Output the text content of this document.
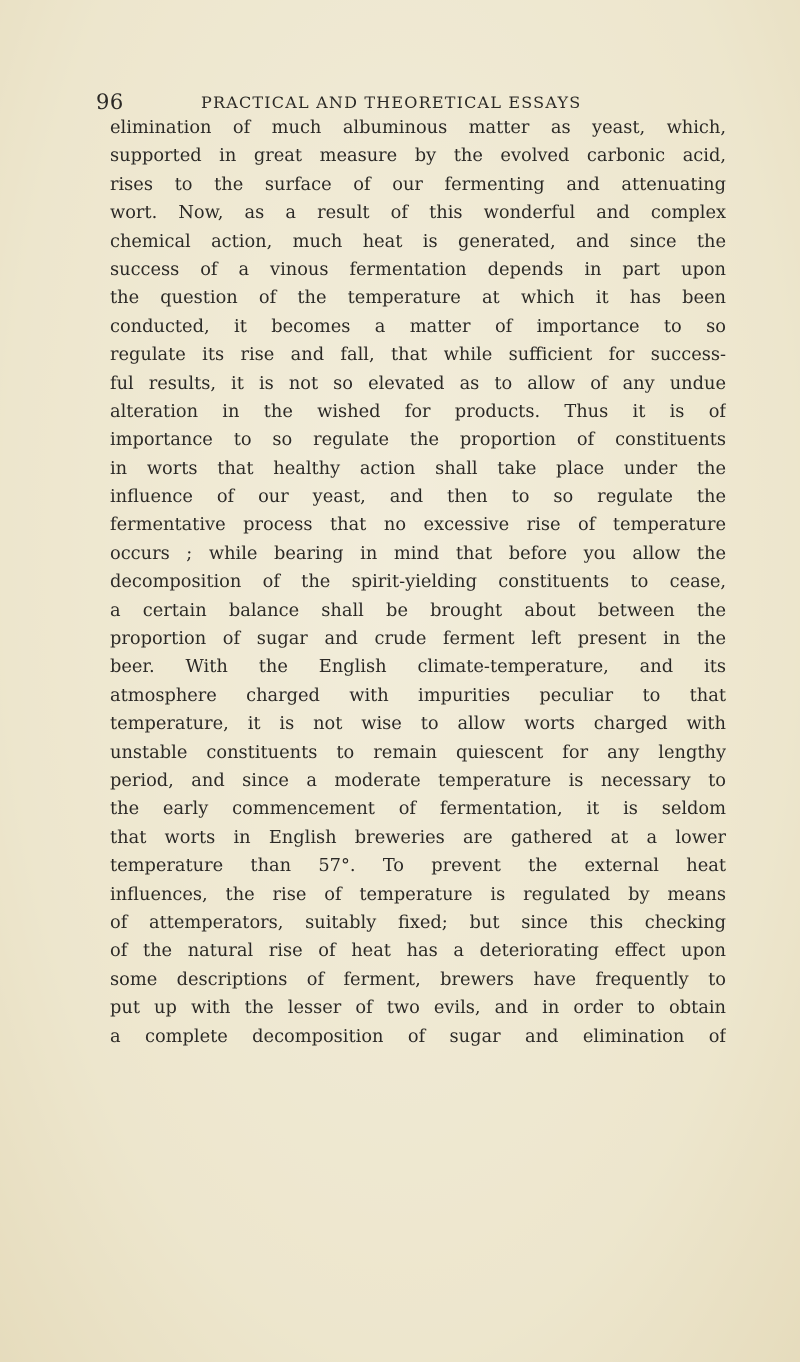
96	PRACTICAL AND THEORETICAL ESSAYS
elimination of much albuminous matter as yeast, which,
supported in great measure by the evolved carbonic acid,
rises to the surface of our fermenting and attenuating
wort. Now, as a result of this wonderful and complex
chemical action, much heat is generated, and since the
success of a vinous fermentation depends in part upon
the question of the temperature at which it has been
conducted, it becomes a matter of importance to so
regulate its rise and fall, that while sufficient for success-
ful results, it is not so elevated as to allow of any undue
alteration in the wished for products. Thus it is of
importance to so regulate the proportion of constituents
in worts that healthy action shall take place under the
influence of our yeast, and then to so regulate the
fermentative process that no excessive rise of temperature
occurs ; while bearing in mind that before you allow the
decomposition of the spirit-yielding constituents to cease,
a certain balance shall be brought about between the
proportion of sugar and crude ferment left present in the
beer. With the English climate-temperature, and its
atmosphere charged with impurities peculiar to that
temperature, it is not wise to allow worts charged with
unstable constituents to remain quiescent for any lengthy
period, and since a moderate temperature is necessary to
the early commencement of fermentation, it is seldom
that worts in English breweries are gathered at a lower
temperature than 57°. To prevent the external heat
influences, the rise of temperature is regulated by means
of attemperators, suitably fixed; but since this checking
of the natural rise of heat has a deteriorating effect upon
some descriptions of ferment, brewers have frequently to
put up with the lesser of two evils, and in order to obtain
a complete decomposition of sugar and elimination of
